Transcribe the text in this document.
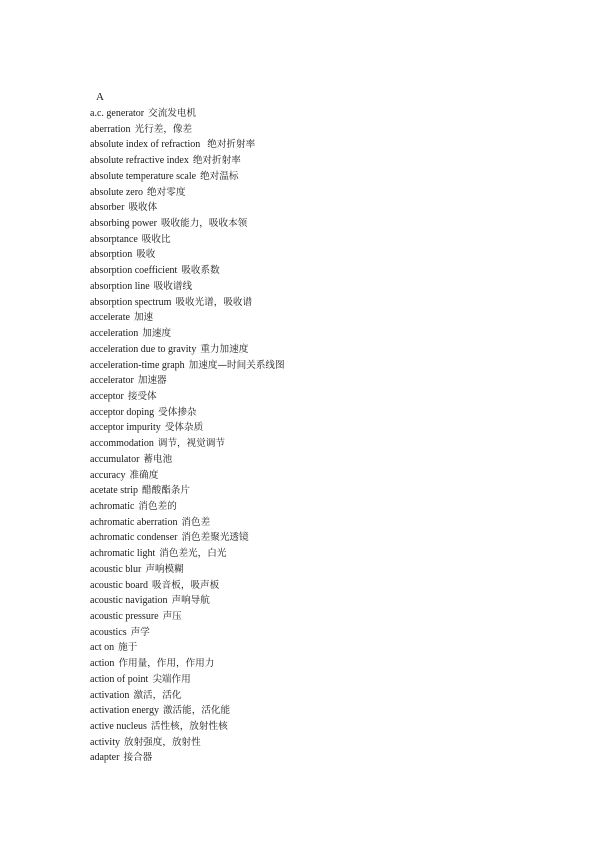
A
a.c. generator 交流发电机
aberration 光行差，像差
absolute index of refraction 绝对折射率
absolute refractive index 绝对折射率
absolute temperature scale 绝对温标
absolute zero 绝对零度
absorber 吸收体
absorbing power 吸收能力，吸收本领
absorptance 吸收比
absorption 吸收
absorption coefficient 吸收系数
absorption line 吸收谱线
absorption spectrum 吸收光谱，吸收谱
accelerate 加速
acceleration 加速度
acceleration due to gravity 重力加速度
acceleration-time graph 加速度—时间关系线图
accelerator 加速器
acceptor 接受体
acceptor doping 受体掺杂
acceptor impurity 受体杂质
accommodation 调节，视觉调节
accumulator 蓄电池
accuracy 准确度
acetate strip 醋酸酯条片
achromatic 消色差的
achromatic aberration 消色差
achromatic condenser 消色差聚光透镜
achromatic light 消色差光，白光
acoustic blur 声响模糊
acoustic board 吸音板，吸声板
acoustic navigation 声响导航
acoustic pressure 声压
acoustics 声学
act on 施于
action 作用量，作用，作用力
action of point 尖端作用
activation 激活，活化
activation energy 激活能，活化能
active nucleus 活性核，放射性核
activity 放射强度，放射性
adapter 接合器
